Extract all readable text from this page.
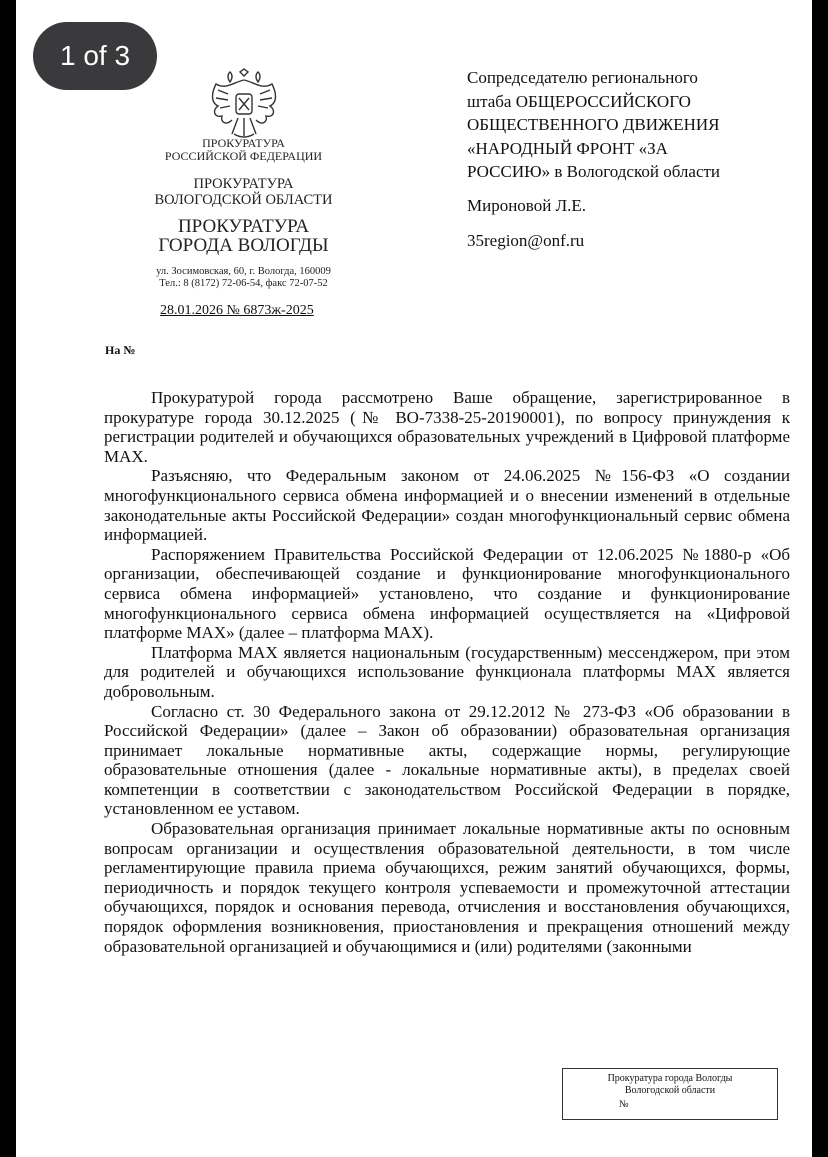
ПРОКУРАТУРА
РОССИЙСКОЙ ФЕДЕРАЦИИ
ПРОКУРАТУРА
ВОЛОГОДСКОЙ ОБЛАСТИ
ПРОКУРАТУРА
ГОРОДА ВОЛОГДЫ
ул. Зосимовская, 60, г. Вологда, 160009
Тел.: 8 (8172) 72-06-54, факс 72-07-52
28.01.2026 № 6873ж-2025
На №
Сопредседателю регионального
штаба ОБЩЕРОССИЙСКОГО
ОБЩЕСТВЕННОГО ДВИЖЕНИЯ
«НАРОДНЫЙ ФРОНТ «ЗА
РОССИЮ» в Вологодской области
Мироновой Л.Е.
35region@onf.ru

Прокуратурой города рассмотрено Ваше обращение, зарегистрированное в прокуратуре города 30.12.2025 (№ ВО-7338-25-20190001), по вопросу принуждения к регистрации родителей и обучающихся образовательных учреждений в Цифровой платформе MAX.

Разъясняю, что Федеральным законом от 24.06.2025 №156-ФЗ «О создании многофункционального сервиса обмена информацией и о внесении изменений в отдельные законодательные акты Российской Федерации» создан многофункциональный сервис обмена информацией.

Распоряжением Правительства Российской Федерации от 12.06.2025 №1880-р «Об организации, обеспечивающей создание и функционирование многофункционального сервиса обмена информацией» установлено, что создание и функционирование многофункционального сервиса обмена информацией осуществляется на «Цифровой платформе MAX» (далее – платформа MAX).

Платформа MAX является национальным (государственным) мессенджером, при этом для родителей и обучающихся использование функционала платформы MAX является добровольным.

Согласно ст. 30 Федерального закона от 29.12.2012 № 273-ФЗ «Об образовании в Российской Федерации» (далее – Закон об образовании) образовательная организация принимает локальные нормативные акты, содержащие нормы, регулирующие образовательные отношения (далее - локальные нормативные акты), в пределах своей компетенции в соответствии с законодательством Российской Федерации в порядке, установленном ее уставом.

Образовательная организация принимает локальные нормативные акты по основным вопросам организации и осуществления образовательной деятельности, в том числе регламентирующие правила приема обучающихся, режим занятий обучающихся, формы, периодичность и порядок текущего контроля успеваемости и промежуточной аттестации обучающихся, порядок и основания перевода, отчисления и восстановления обучающихся, порядок оформления возникновения, приостановления и прекращения отношений между образовательной организацией и обучающимися и (или) родителями (законными

Прокуратура города Вологды
Вологодской области
№
1 of 3
